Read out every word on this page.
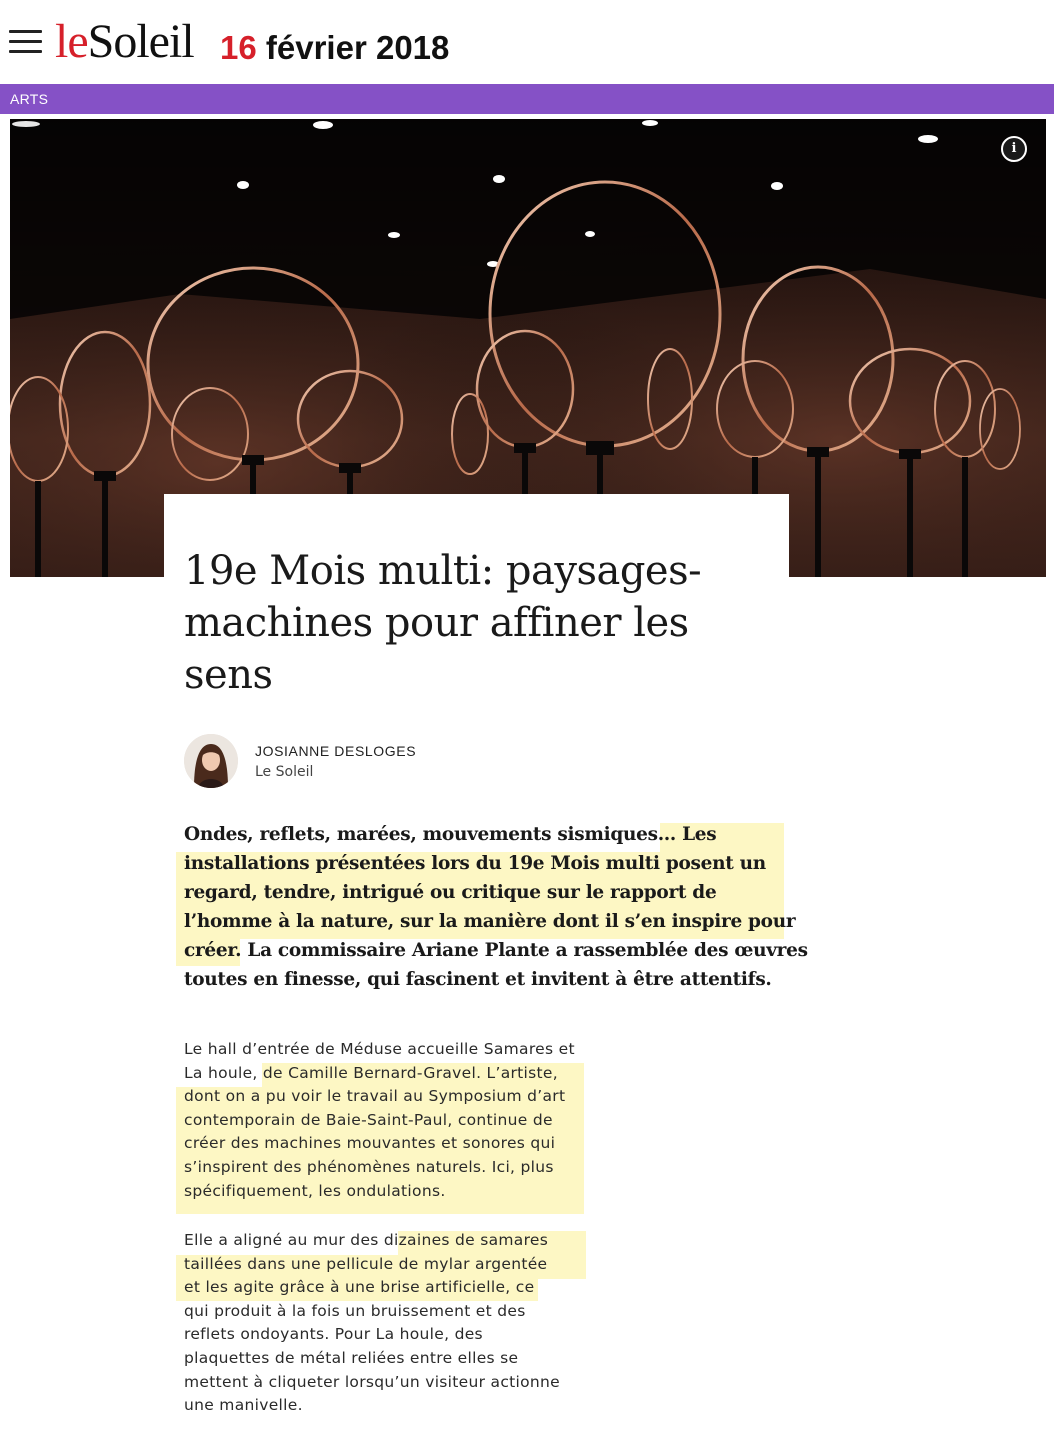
leSoleil 16 février 2018
ARTS
i
19e Mois multi: paysages-
machines pour affiner les
sens
JOSIANNE DESLOGES
Le Soleil

Ondes, reflets, marées, mouvements sismiques… Les
installations présentées lors du 19e Mois multi posent un
regard, tendre, intrigué ou critique sur le rapport de
l’homme à la nature, sur la manière dont il s’en inspire pour
créer. La commissaire Ariane Plante a rassemblée des œuvres
toutes en finesse, qui fascinent et invitent à être attentifs.

Le hall d’entrée de Méduse accueille Samares et
La houle, de Camille Bernard-Gravel. L’artiste,
dont on a pu voir le travail au Symposium d’art
contemporain de Baie-Saint-Paul, continue de
créer des machines mouvantes et sonores qui
s’inspirent des phénomènes naturels. Ici, plus
spécifiquement, les ondulations.

Elle a aligné au mur des dizaines de samares
taillées dans une pellicule de mylar argentée
et les agite grâce à une brise artificielle, ce
qui produit à la fois un bruissement et des
reflets ondoyants. Pour La houle, des
plaquettes de métal reliées entre elles se
mettent à cliqueter lorsqu’un visiteur actionne
une manivelle.
